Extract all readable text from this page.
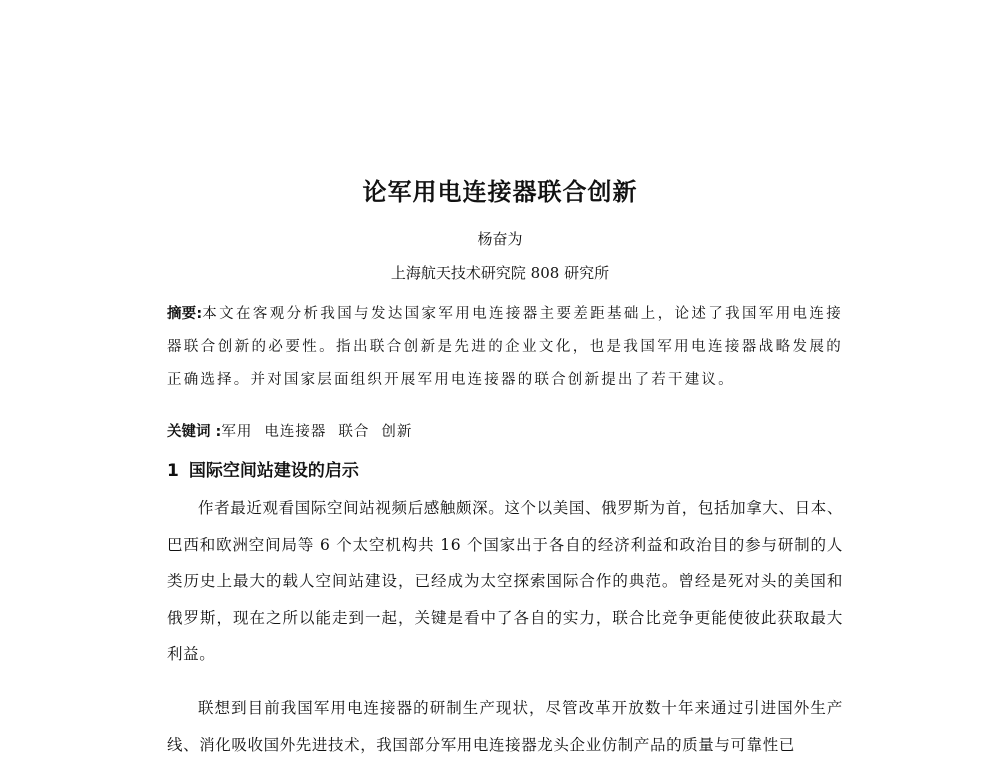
论军用电连接器联合创新
杨奋为
上海航天技术研究院 808 研究所

摘要:本文在客观分析我国与发达国家军用电连接器主要差距基础上，论述了我国军用电连接器联合创新的必要性。指出联合创新是先进的企业文化，也是我国军用电连接器战略发展的正确选择。并对国家层面组织开展军用电连接器的联合创新提出了若干建议。

关键词 :军用 电连接器 联合 创新

1 国际空间站建设的启示

作者最近观看国际空间站视频后感触颇深。这个以美国、俄罗斯为首，包括加拿大、日本、巴西和欧洲空间局等 6 个太空机构共 16 个国家出于各自的经济利益和政治目的参与研制的人类历史上最大的载人空间站建设，已经成为太空探索国际合作的典范。曾经是死对头的美国和俄罗斯，现在之所以能走到一起，关键是看中了各自的实力，联合比竞争更能使彼此获取最大利益。

联想到目前我国军用电连接器的研制生产现状，尽管改革开放数十年来通过引进国外生产线、消化吸收国外先进技术，我国部分军用电连接器龙头企业仿制产品的质量与可靠性已
